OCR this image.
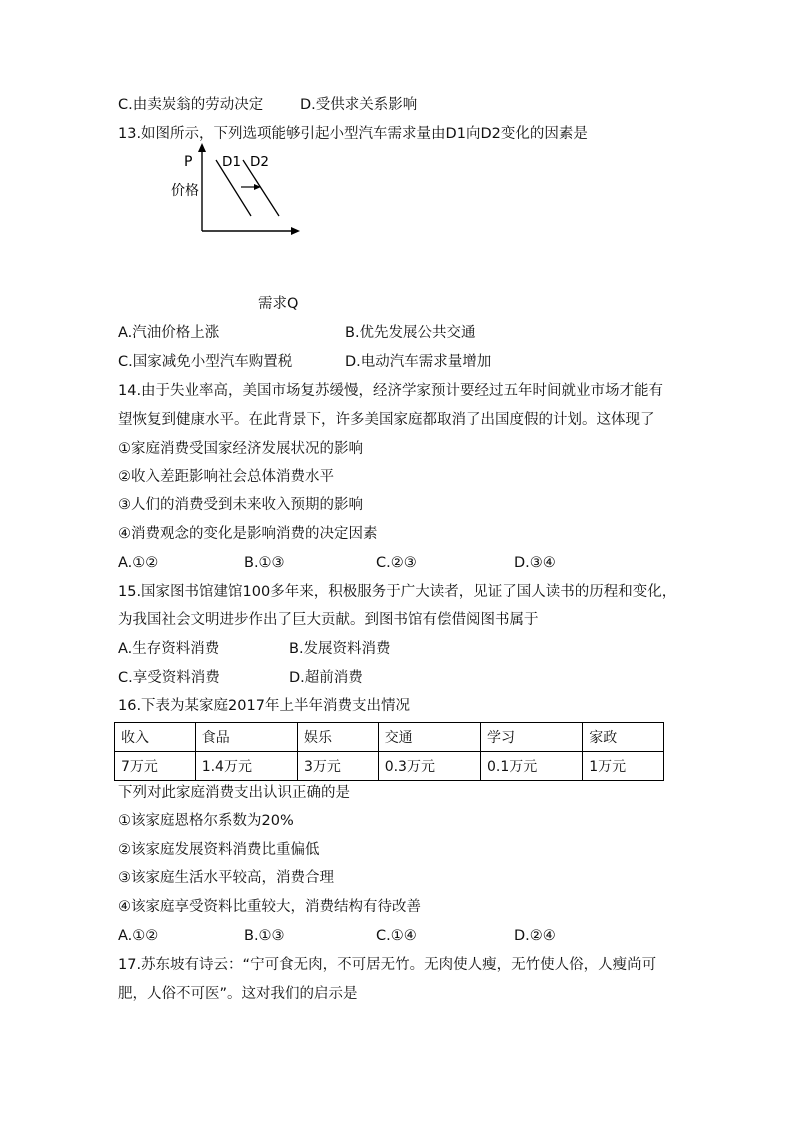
C.由卖炭翁的劳动决定	D.受供求关系影响
13.如图所示，下列选项能够引起小型汽车需求量由D1向D2变化的因素是
P
价格
D1 D2
需求Q
A.汽油价格上涨	B.优先发展公共交通
C.国家减免小型汽车购置税	D.电动汽车需求量增加
14.由于失业率高，美国市场复苏缓慢，经济学家预计要经过五年时间就业市场才能有
望恢复到健康水平。在此背景下，许多美国家庭都取消了出国度假的计划。这体现了
①家庭消费受国家经济发展状况的影响
②收入差距影响社会总体消费水平
③人们的消费受到未来收入预期的影响
④消费观念的变化是影响消费的决定因素
A.①②	B.①③	C.②③	D.③④
15.国家图书馆建馆100多年来，积极服务于广大读者，见证了国人读书的历程和变化，
为我国社会文明进步作出了巨大贡献。到图书馆有偿借阅图书属于
A.生存资料消费	B.发展资料消费
C.享受资料消费	D.超前消费
16.下表为某家庭2017年上半年消费支出情况
收入	食品	娱乐	交通	学习	家政
7万元	1.4万元	3万元	0.3万元	0.1万元	1万元
下列对此家庭消费支出认识正确的是
①该家庭恩格尔系数为20%
②该家庭发展资料消费比重偏低
③该家庭生活水平较高，消费合理
④该家庭享受资料比重较大，消费结构有待改善
A.①②	B.①③	C.①④	D.②④
17.苏东坡有诗云：“宁可食无肉，不可居无竹。无肉使人瘦，无竹使人俗，人瘦尚可
肥，人俗不可医”。这对我们的启示是
